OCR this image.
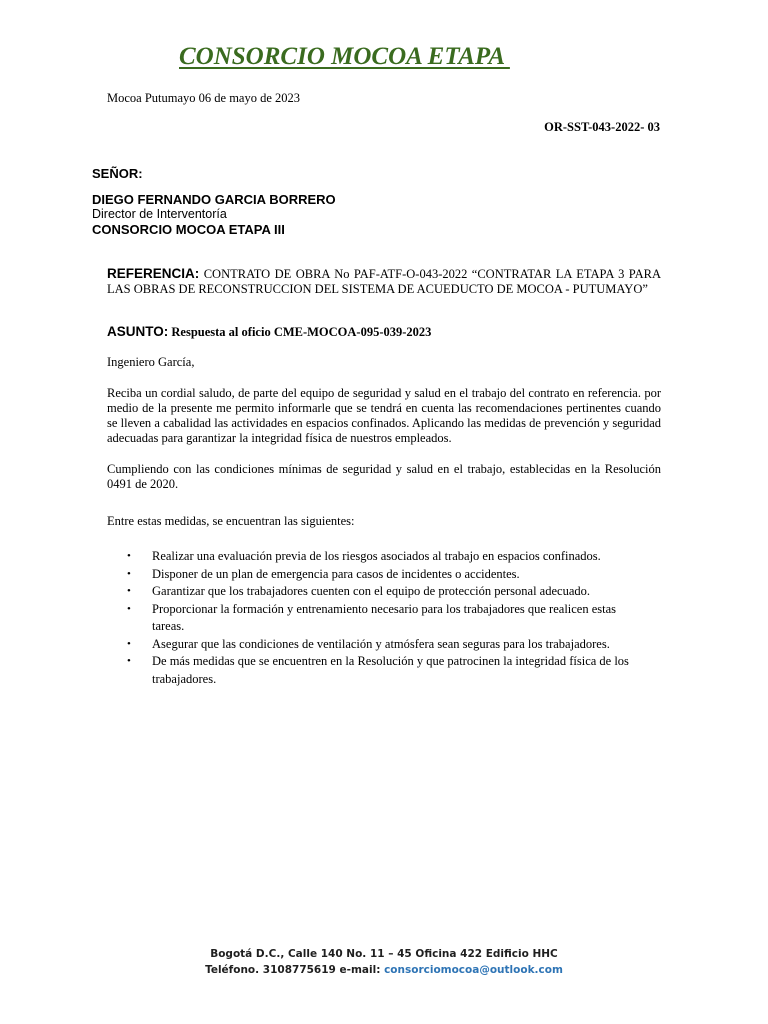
CONSORCIO MOCOA ETAPA
Mocoa Putumayo 06 de mayo de 2023
OR-SST-043-2022- 03
SEÑOR:
DIEGO FERNANDO GARCIA BORRERO
Director de Interventoría
CONSORCIO MOCOA ETAPA III
REFERENCIA: CONTRATO DE OBRA No PAF-ATF-O-043-2022 “CONTRATAR LA ETAPA 3 PARA LAS OBRAS DE RECONSTRUCCION DEL SISTEMA DE ACUEDUCTO DE MOCOA - PUTUMAYO”
ASUNTO: Respuesta al oficio CME-MOCOA-095-039-2023
Ingeniero García,
Reciba un cordial saludo, de parte del equipo de seguridad y salud en el trabajo del contrato en referencia. por medio de la presente me permito informarle que se tendrá en cuenta las recomendaciones pertinentes cuando se lleven a cabalidad las actividades en espacios confinados. Aplicando las medidas de prevención y seguridad adecuadas para garantizar la integridad física de nuestros empleados.
Cumpliendo con las condiciones mínimas de seguridad y salud en el trabajo, establecidas en la Resolución 0491 de 2020.
Entre estas medidas, se encuentran las siguientes:
• Realizar una evaluación previa de los riesgos asociados al trabajo en espacios confinados.
• Disponer de un plan de emergencia para casos de incidentes o accidentes.
• Garantizar que los trabajadores cuenten con el equipo de protección personal adecuado.
• Proporcionar la formación y entrenamiento necesario para los trabajadores que realicen estas tareas.
• Asegurar que las condiciones de ventilación y atmósfera sean seguras para los trabajadores.
• De más medidas que se encuentren en la Resolución y que patrocinen la integridad física de los trabajadores.
Bogotá D.C., Calle 140 No. 11 – 45 Oficina 422 Edificio HHC
Teléfono. 3108775619 e-mail: consorciomocoa@outlook.com
